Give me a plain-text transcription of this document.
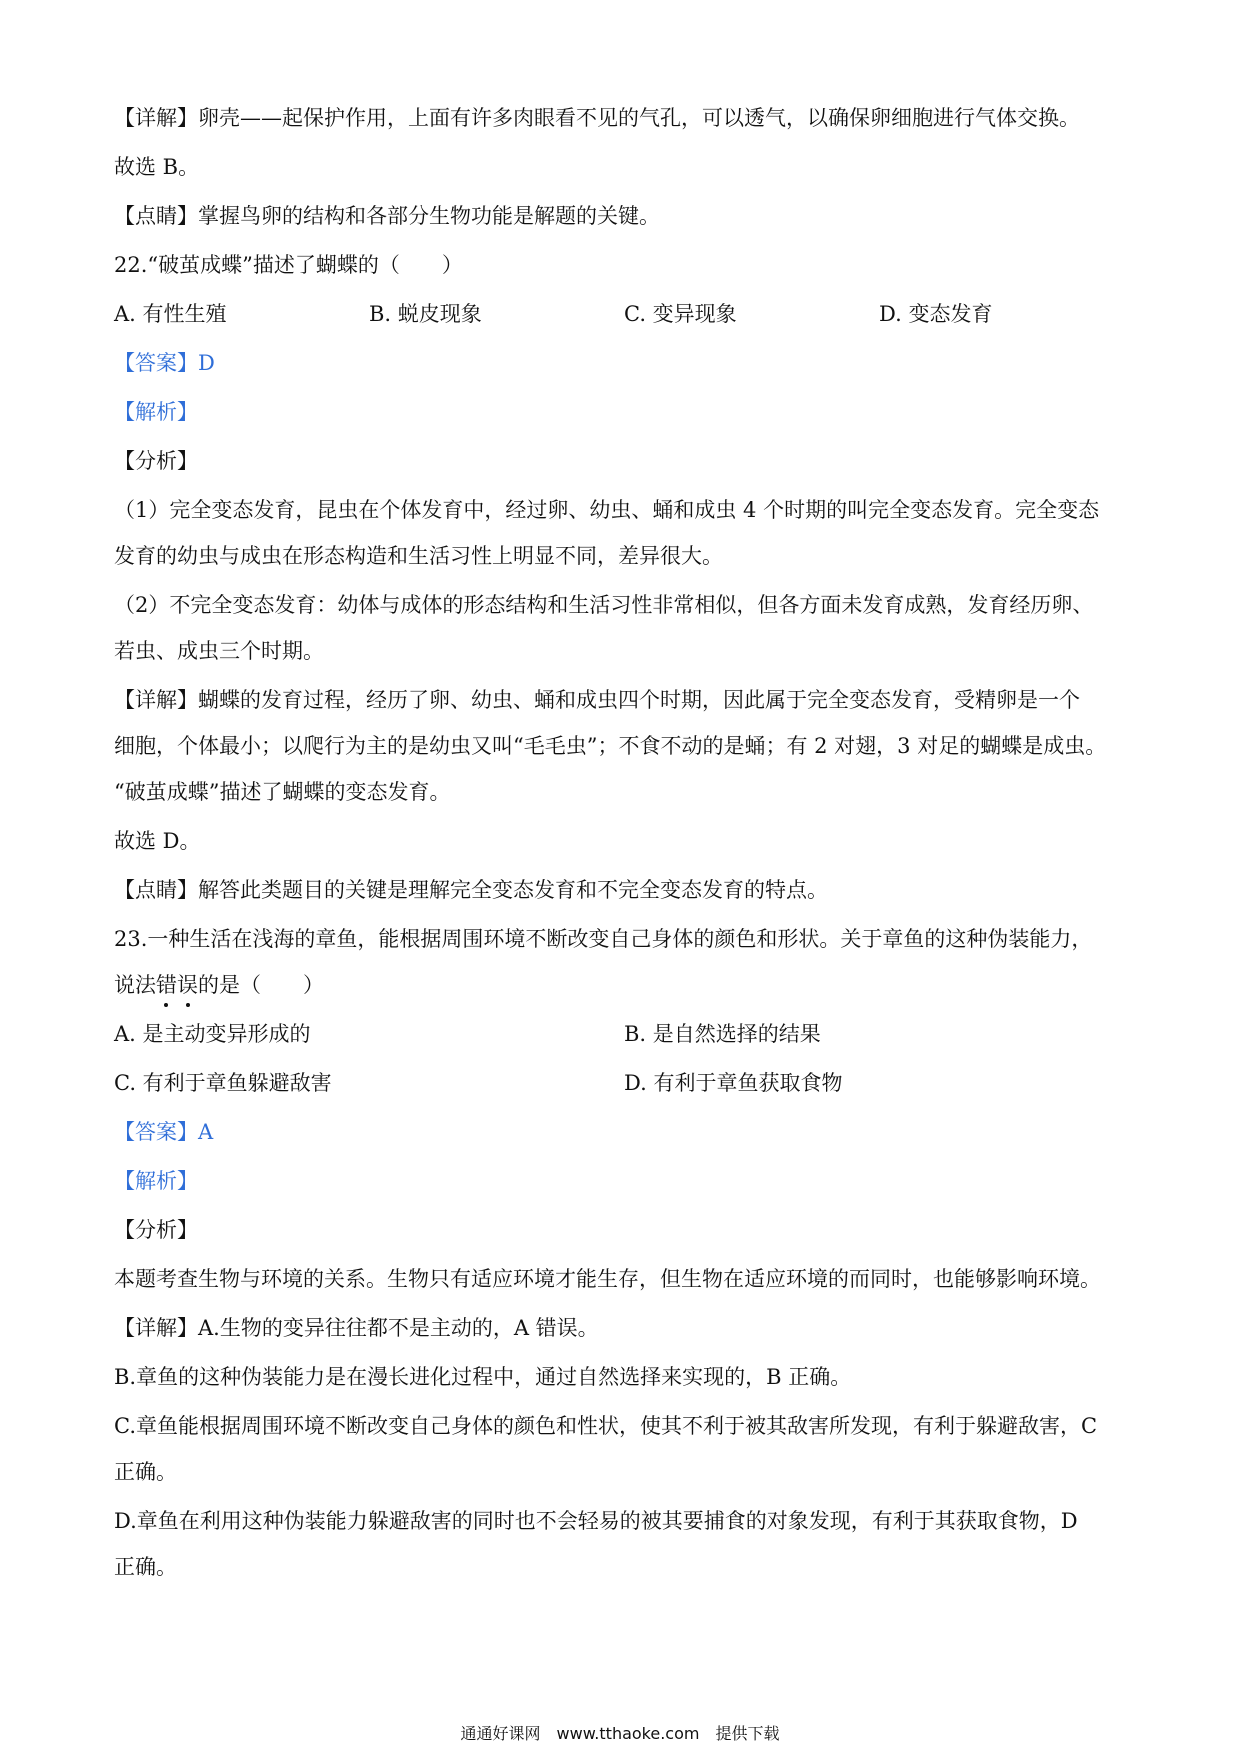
【详解】卵壳——起保护作用，上面有许多肉眼看不见的气孔，可以透气，以确保卵细胞进行气体交换。

故选 B。

【点睛】掌握鸟卵的结构和各部分生物功能是解题的关键。

22.“破茧成蝶”描述了蝴蝶的（　　）

A. 有性生殖	B. 蜕皮现象	C. 变异现象	D. 变态发育

【答案】D

【解析】

【分析】

（1）完全变态发育，昆虫在个体发育中，经过卵、幼虫、蛹和成虫 4 个时期的叫完全变态发育。完全变态

发育的幼虫与成虫在形态构造和生活习性上明显不同，差异很大。

（2）不完全变态发育：幼体与成体的形态结构和生活习性非常相似，但各方面未发育成熟，发育经历卵、

若虫、成虫三个时期。

【详解】蝴蝶的发育过程，经历了卵、幼虫、蛹和成虫四个时期，因此属于完全变态发育，受精卵是一个

细胞，个体最小；以爬行为主的是幼虫又叫“毛毛虫”；不食不动的是蛹；有 2 对翅，3 对足的蝴蝶是成虫。

“破茧成蝶”描述了蝴蝶的变态发育。

故选 D。

【点睛】解答此类题目的关键是理解完全变态发育和不完全变态发育的特点。

23.一种生活在浅海的章鱼，能根据周围环境不断改变自己身体的颜色和形状。关于章鱼的这种伪装能力，

说法错误
的是（　　）

A. 是主动变异形成的	B. 是自然选择的结果
C. 有利于章鱼躲避敌害	D. 有利于章鱼获取食物

【答案】A

【解析】

【分析】

本题考查生物与环境的关系。生物只有适应环境才能生存，但生物在适应环境的而同时，也能够影响环境。

【详解】A.生物的变异往往都不是主动的，A 错误。

B.章鱼的这种伪装能力是在漫长进化过程中，通过自然选择来实现的，B 正确。

C.章鱼能根据周围环境不断改变自己身体的颜色和性状，使其不利于被其敌害所发现，有利于躲避敌害，C

正确。

D.章鱼在利用这种伪装能力躲避敌害的同时也不会轻易的被其要捕食的对象发现，有利于其获取食物，D

正确。

通通好课网　www.tthaoke.com　提供下载
